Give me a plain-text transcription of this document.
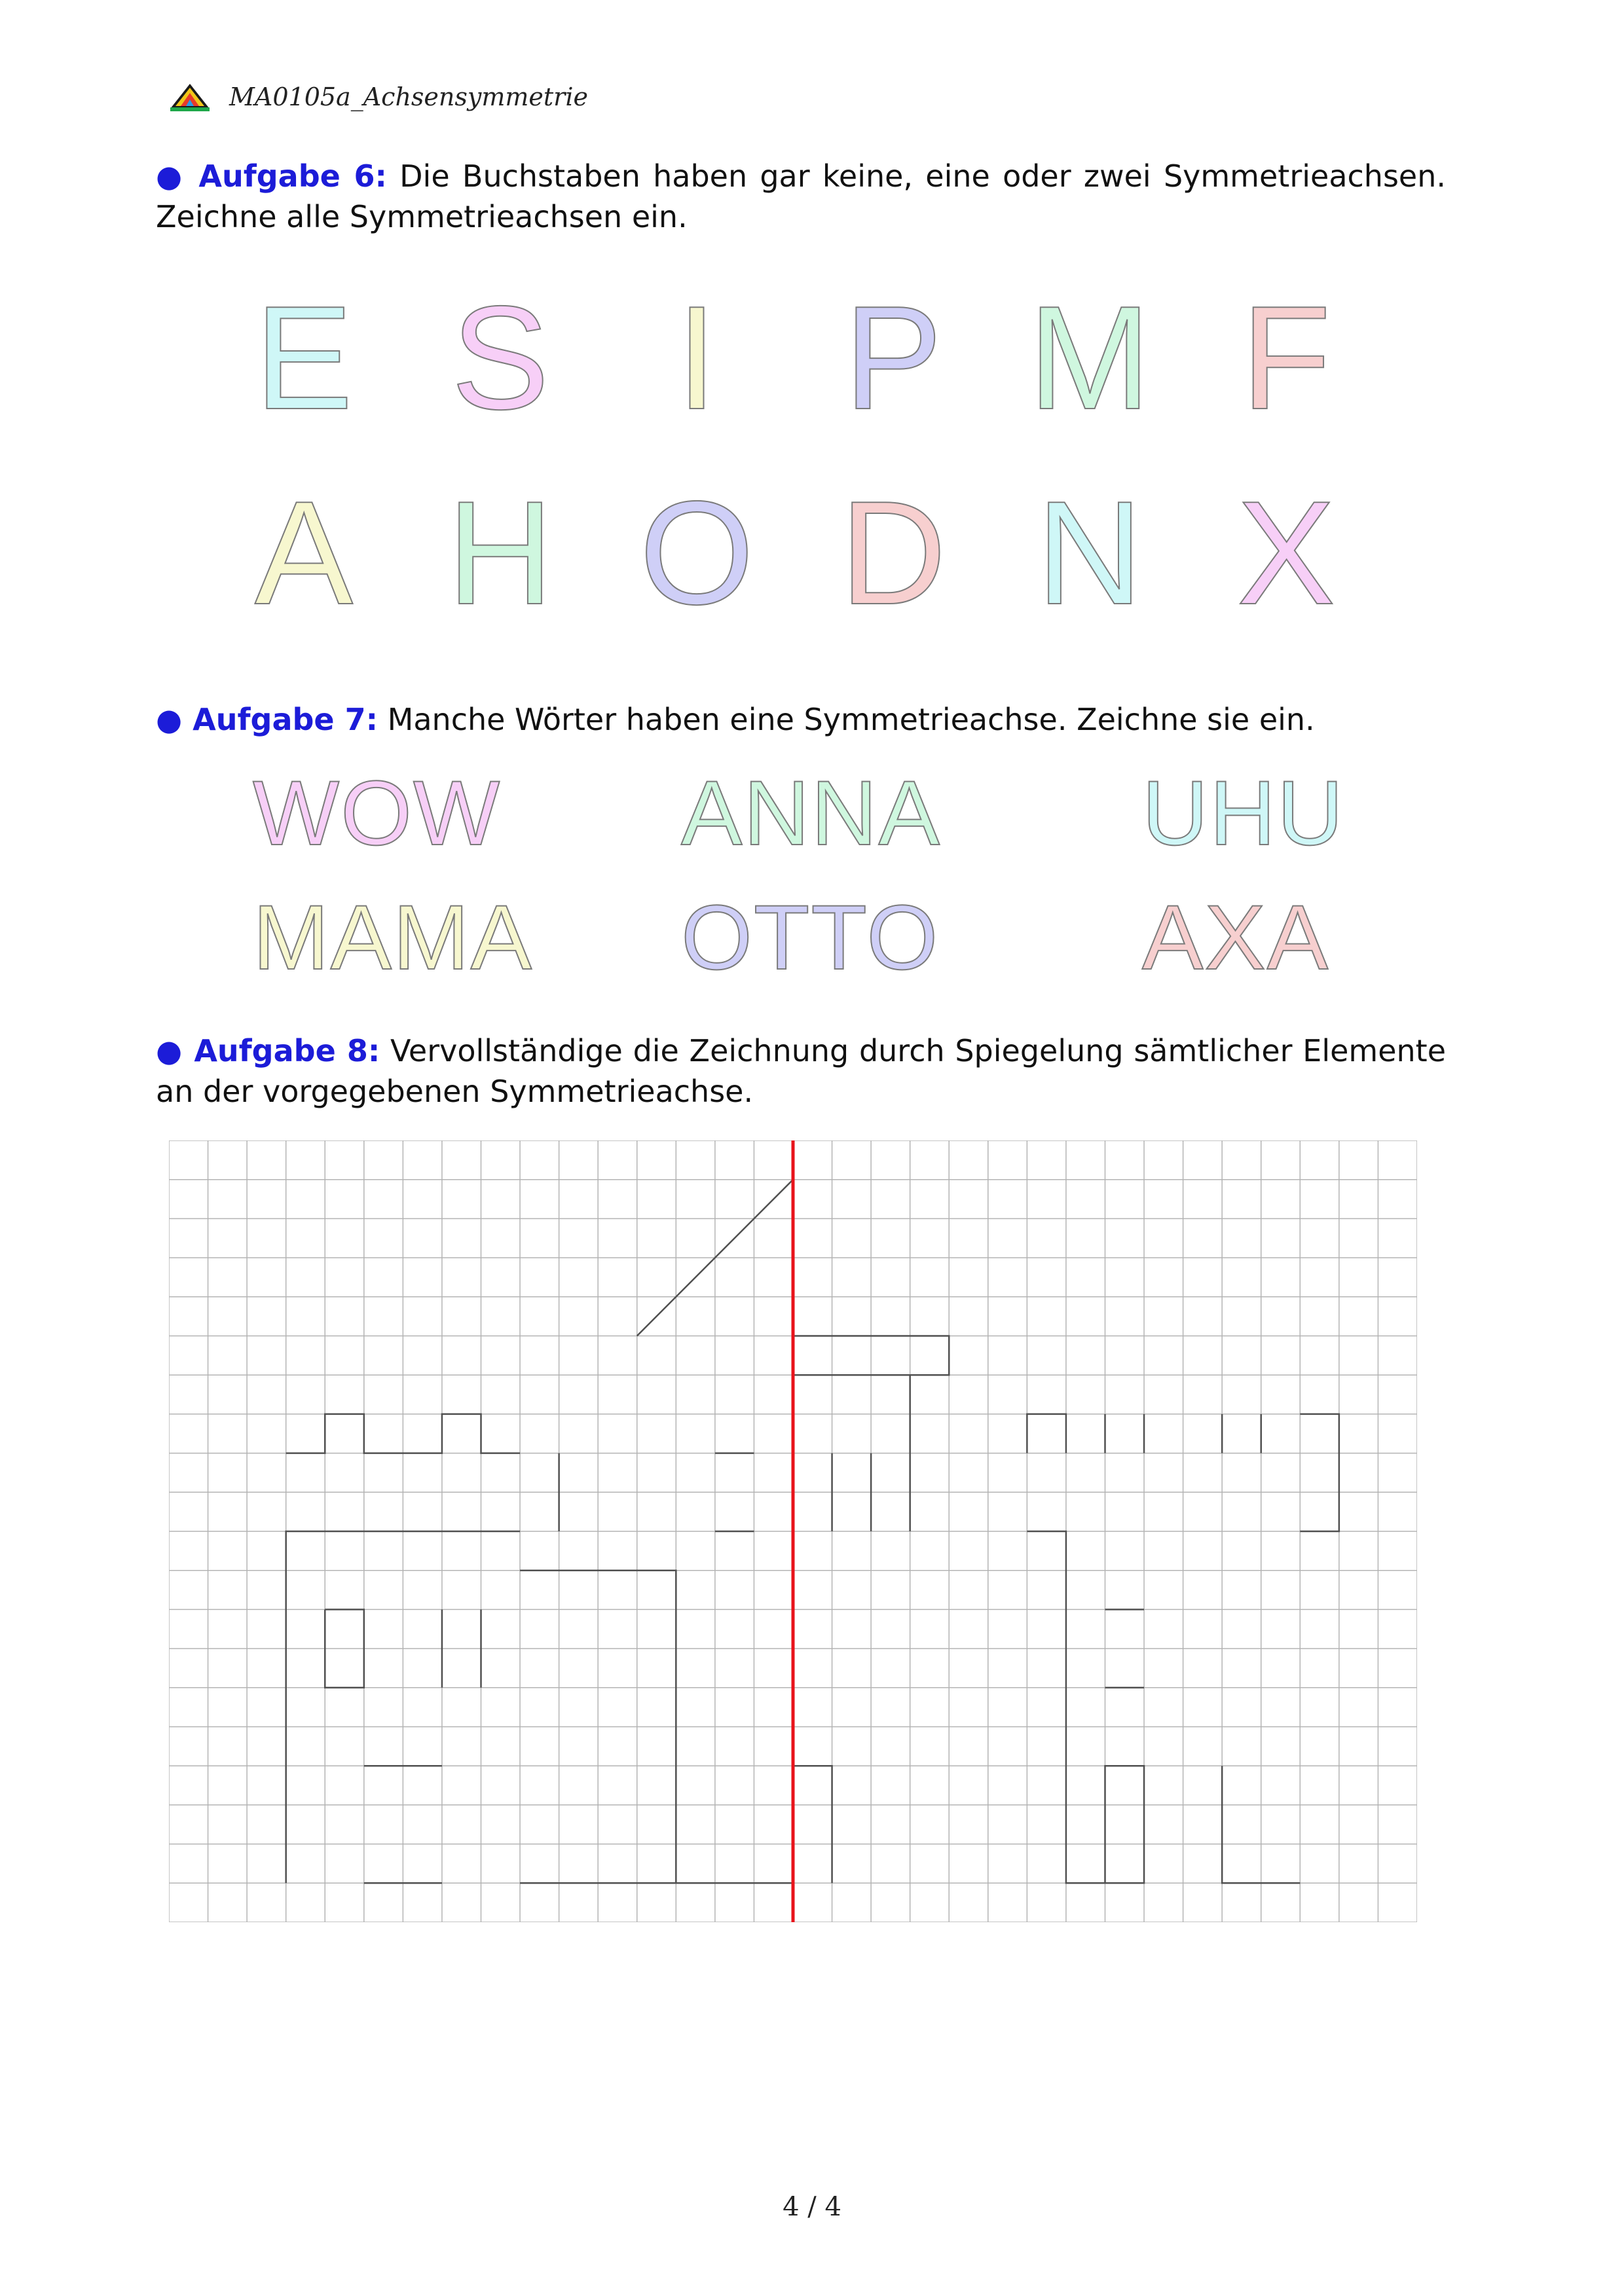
MA0105a_Achsensymmetrie
● Aufgabe 6: Die Buchstaben haben gar keine, eine oder zwei Symmetrieachsen. Zeichne alle Symmetrieachsen ein.
E S I P M F
A H O D N X
● Aufgabe 7: Manche Wörter haben eine Symmetrieachse. Zeichne sie ein.
WOW ANNA UHU
MAMA OTTO AXA
● Aufgabe 8: Vervollständige die Zeichnung durch Spiegelung sämtlicher Elemente an der vorgegebenen Symmetrieachse.
4 / 4
